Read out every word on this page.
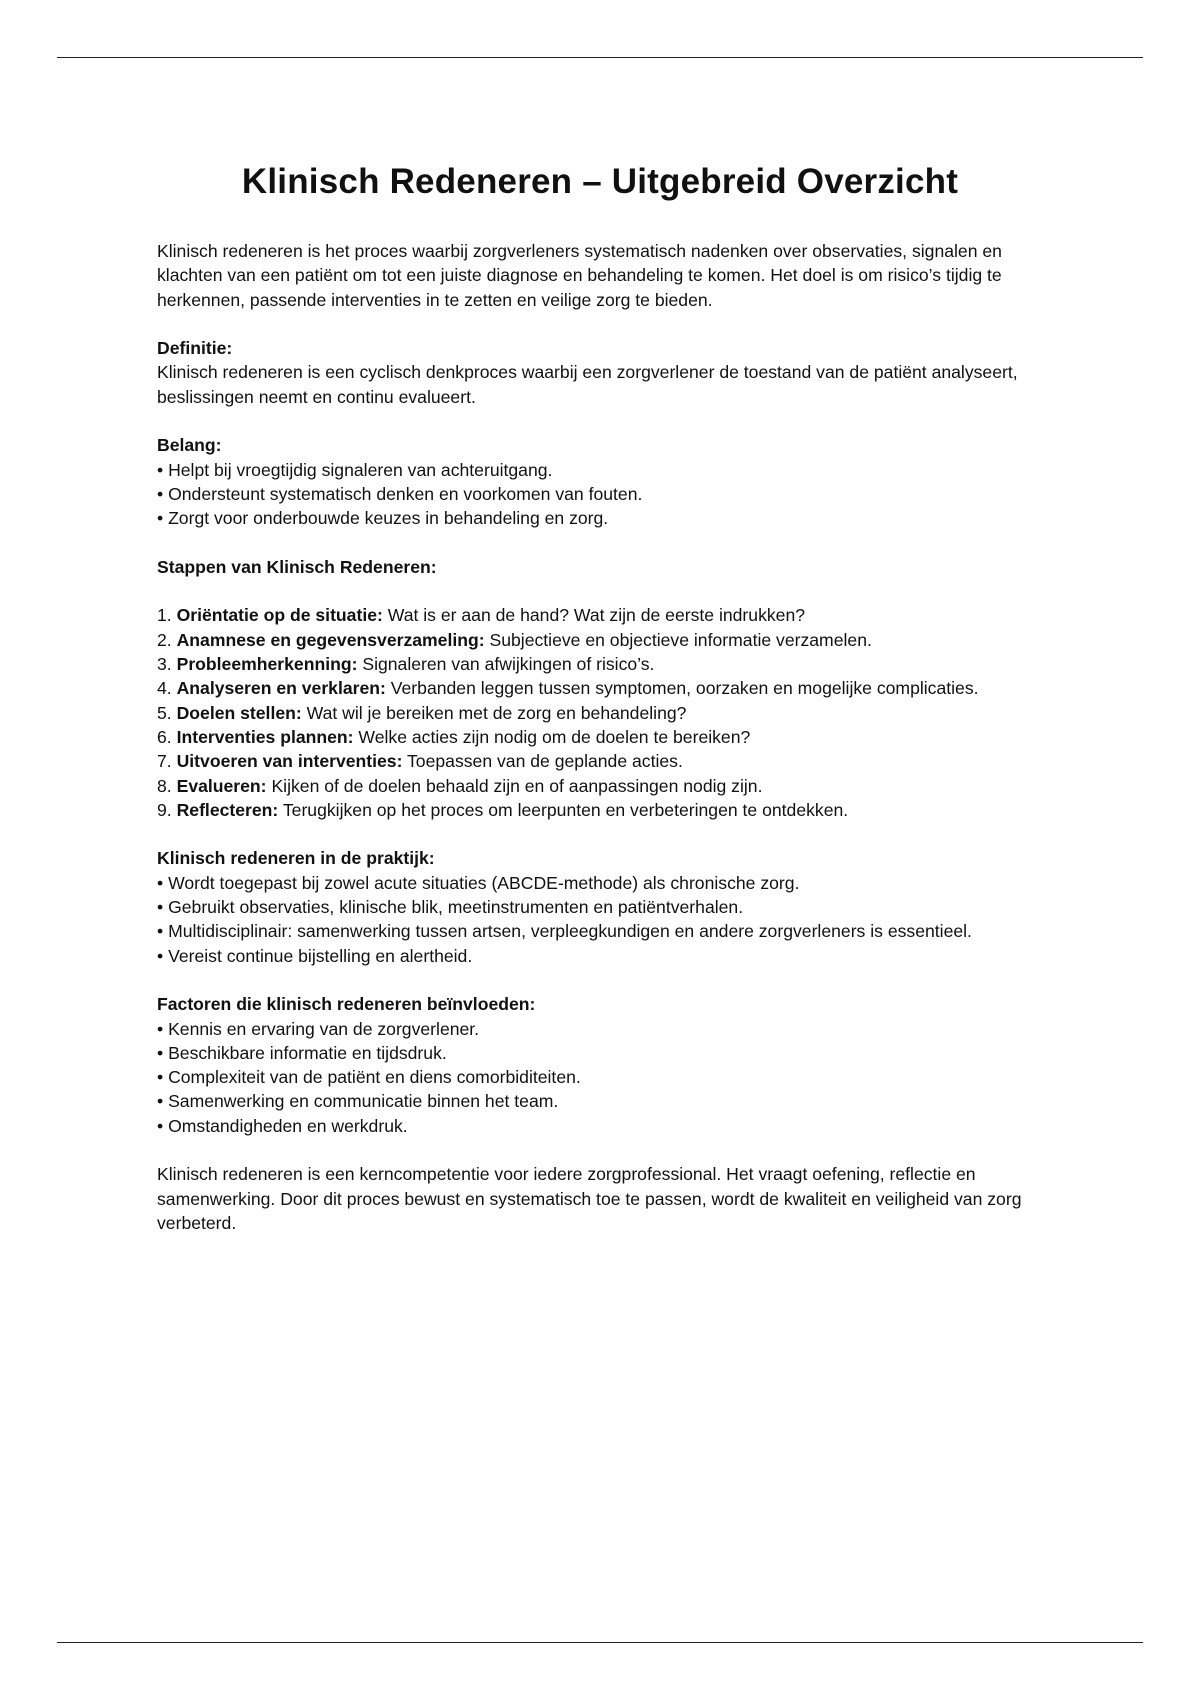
Klinisch Redeneren – Uitgebreid Overzicht

Klinisch redeneren is het proces waarbij zorgverleners systematisch nadenken over observaties, signalen en klachten van een patiënt om tot een juiste diagnose en behandeling te komen. Het doel is om risico’s tijdig te herkennen, passende interventies in te zetten en veilige zorg te bieden.

Definitie:

Klinisch redeneren is een cyclisch denkproces waarbij een zorgverlener de toestand van de patiënt analyseert, beslissingen neemt en continu evalueert.

Belang:

• Helpt bij vroegtijdig signaleren van achteruitgang.
• Ondersteunt systematisch denken en voorkomen van fouten.
• Zorgt voor onderbouwde keuzes in behandeling en zorg.

Stappen van Klinisch Redeneren:

1. Oriëntatie op de situatie: Wat is er aan de hand? Wat zijn de eerste indrukken?
2. Anamnese en gegevensverzameling: Subjectieve en objectieve informatie verzamelen.
3. Probleemherkenning: Signaleren van afwijkingen of risico’s.
4. Analyseren en verklaren: Verbanden leggen tussen symptomen, oorzaken en mogelijke complicaties.
5. Doelen stellen: Wat wil je bereiken met de zorg en behandeling?
6. Interventies plannen: Welke acties zijn nodig om de doelen te bereiken?
7. Uitvoeren van interventies: Toepassen van de geplande acties.
8. Evalueren: Kijken of de doelen behaald zijn en of aanpassingen nodig zijn.
9. Reflecteren: Terugkijken op het proces om leerpunten en verbeteringen te ontdekken.

Klinisch redeneren in de praktijk:

• Wordt toegepast bij zowel acute situaties (ABCDE-methode) als chronische zorg.
• Gebruikt observaties, klinische blik, meetinstrumenten en patiëntverhalen.
• Multidisciplinair: samenwerking tussen artsen, verpleegkundigen en andere zorgverleners is essentieel.
• Vereist continue bijstelling en alertheid.

Factoren die klinisch redeneren beïnvloeden:

• Kennis en ervaring van de zorgverlener.
• Beschikbare informatie en tijdsdruk.
• Complexiteit van de patiënt en diens comorbiditeiten.
• Samenwerking en communicatie binnen het team.
• Omstandigheden en werkdruk.

Klinisch redeneren is een kerncompetentie voor iedere zorgprofessional. Het vraagt oefening, reflectie en samenwerking. Door dit proces bewust en systematisch toe te passen, wordt de kwaliteit en veiligheid van zorg verbeterd.
